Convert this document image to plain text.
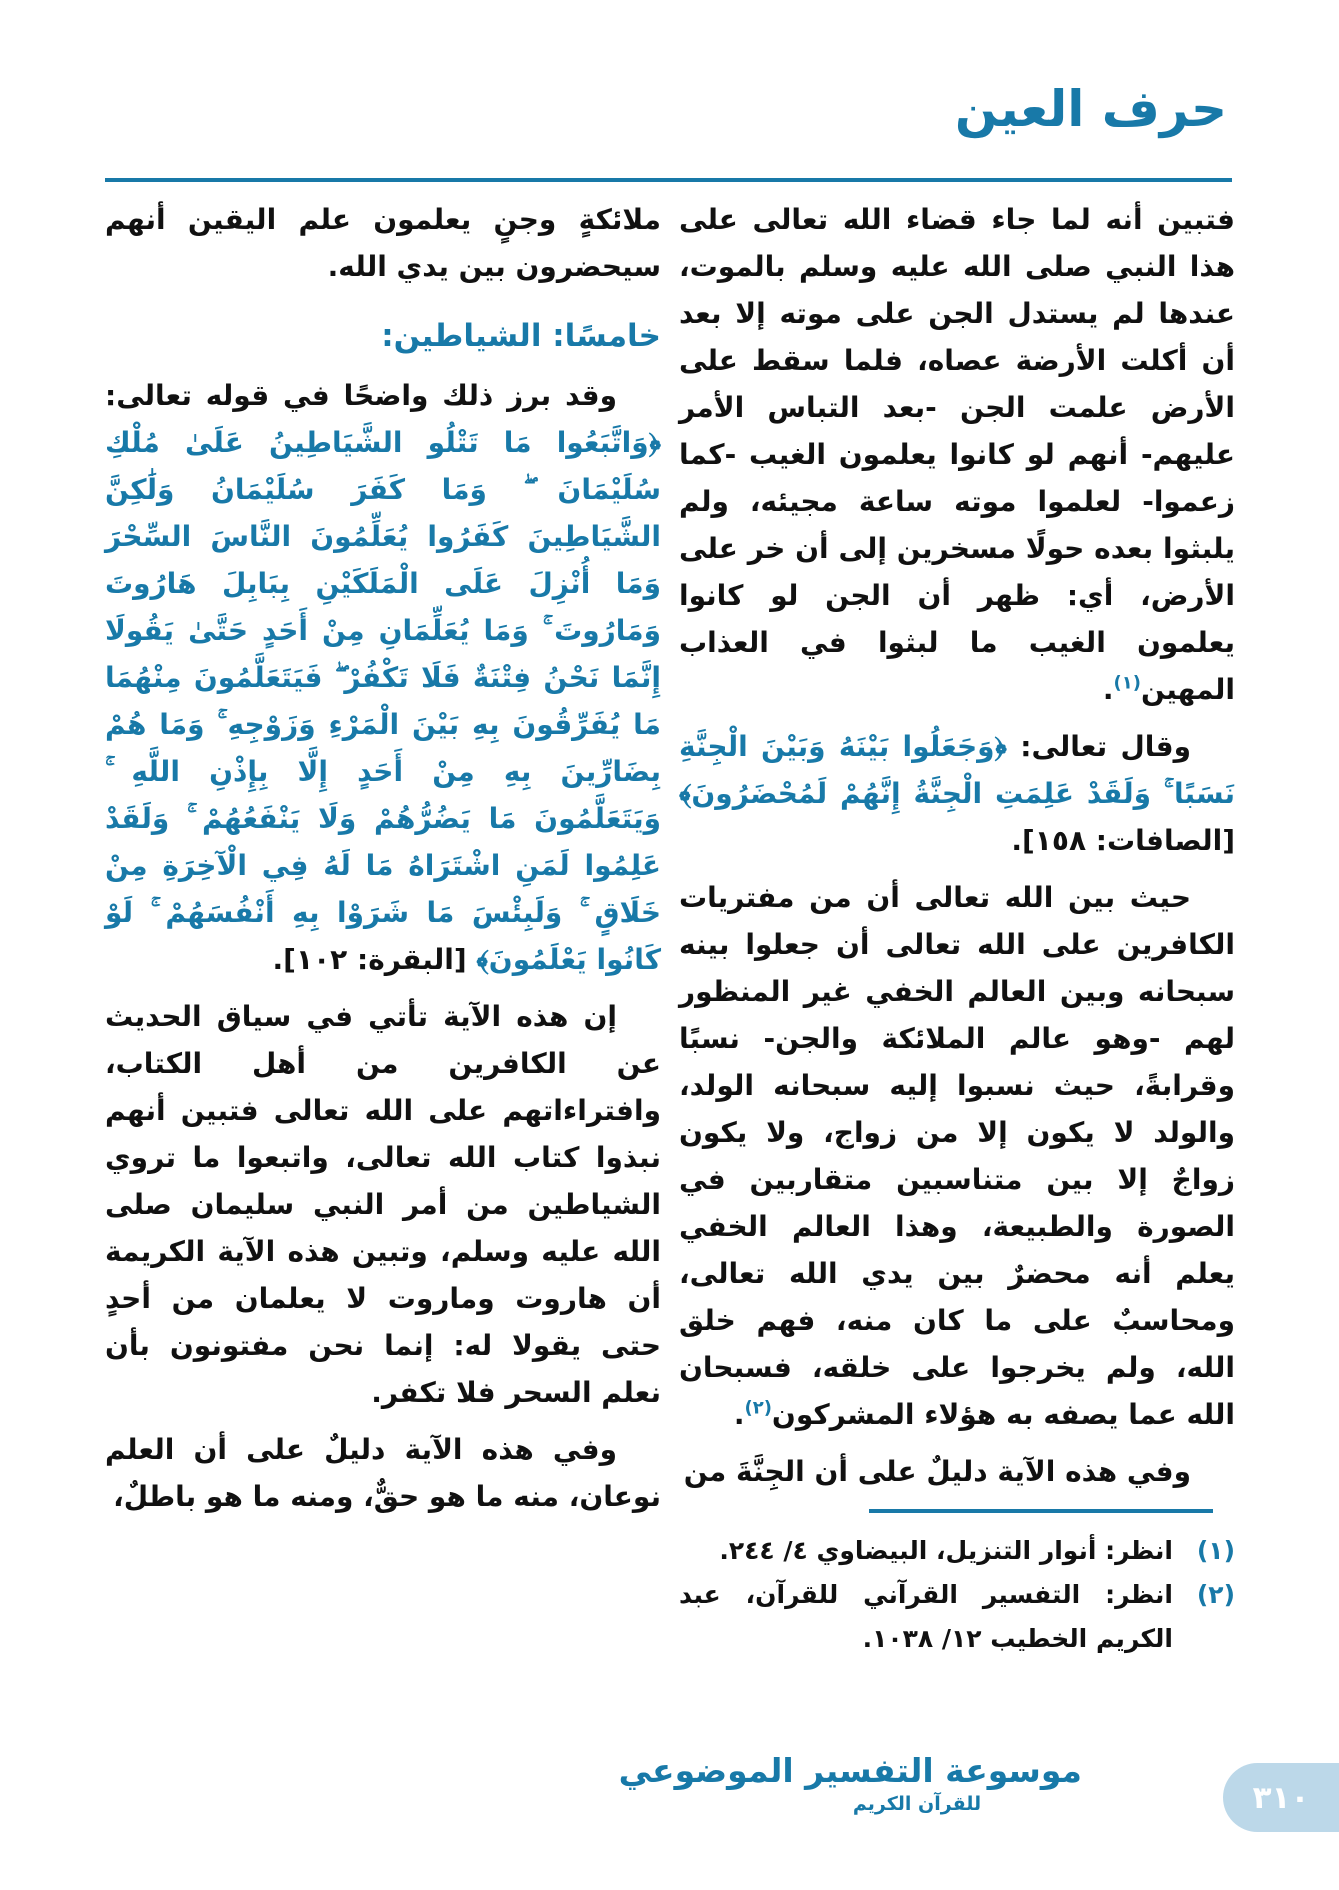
حرف العين

فتبين أنه لما جاء قضاء الله تعالى على هذا النبي صلى الله عليه وسلم بالموت، عندها لم يستدل الجن على موته إلا بعد أن أكلت الأرضة عصاه، فلما سقط على الأرض علمت الجن -بعد التباس الأمر عليهم- أنهم لو كانوا يعلمون الغيب -كما زعموا- لعلموا موته ساعة مجيئه، ولم يلبثوا بعده حولًا مسخرين إلى أن خر على الأرض، أي: ظهر أن الجن لو كانوا يعلمون الغيب ما لبثوا في العذاب المهين$^{(١)}$.

وقال تعالى: ﴿وَجَعَلُوا بَيْنَهُ وَبَيْنَ الْجِنَّةِ نَسَبًا ۚ وَلَقَدْ عَلِمَتِ الْجِنَّةُ إِنَّهُمْ لَمُحْضَرُونَ﴾ [الصافات: ١٥٨].

حيث بين الله تعالى أن من مفتريات الكافرين على الله تعالى أن جعلوا بينه سبحانه وبين العالم الخفي غير المنظور لهم -وهو عالم الملائكة والجن- نسبًا وقرابةً، حيث نسبوا إليه سبحانه الولد، والولد لا يكون إلا من زواج، ولا يكون زواجٌ إلا بين متناسبين متقاربين في الصورة والطبيعة، وهذا العالم الخفي يعلم أنه محضرٌ بين يدي الله تعالى، ومحاسبٌ على ما كان منه، فهم خلق الله، ولم يخرجوا على خلقه، فسبحان الله عما يصفه به هؤلاء المشركون$^{(٢)}$.

وفي هذه الآية دليلٌ على أن الجِنَّةَ من

(١)
انظر: أنوار التنزيل، البيضاوي ٤/ ٢٤٤.
(٢)
انظر: التفسير القرآني للقرآن، عبد الكريم الخطيب ١٢/ ١٠٣٨.

ملائكةٍ وجنٍ يعلمون علم اليقين أنهم سيحضرون بين يدي الله.

خامسًا: الشياطين:

وقد برز ذلك واضحًا في قوله تعالى: ﴿وَاتَّبَعُوا مَا تَتْلُو الشَّيَاطِينُ عَلَىٰ مُلْكِ سُلَيْمَانَ ۖ وَمَا كَفَرَ سُلَيْمَانُ وَلَٰكِنَّ الشَّيَاطِينَ كَفَرُوا يُعَلِّمُونَ النَّاسَ السِّحْرَ وَمَا أُنْزِلَ عَلَى الْمَلَكَيْنِ بِبَابِلَ هَارُوتَ وَمَارُوتَ ۚ وَمَا يُعَلِّمَانِ مِنْ أَحَدٍ حَتَّىٰ يَقُولَا إِنَّمَا نَحْنُ فِتْنَةٌ فَلَا تَكْفُرْ ۖ فَيَتَعَلَّمُونَ مِنْهُمَا مَا يُفَرِّقُونَ بِهِ بَيْنَ الْمَرْءِ وَزَوْجِهِ ۚ وَمَا هُمْ بِضَارِّينَ بِهِ مِنْ أَحَدٍ إِلَّا بِإِذْنِ اللَّهِ ۚ وَيَتَعَلَّمُونَ مَا يَضُرُّهُمْ وَلَا يَنْفَعُهُمْ ۚ وَلَقَدْ عَلِمُوا لَمَنِ اشْتَرَاهُ مَا لَهُ فِي الْآخِرَةِ مِنْ خَلَاقٍ ۚ وَلَبِئْسَ مَا شَرَوْا بِهِ أَنْفُسَهُمْ ۚ لَوْ كَانُوا يَعْلَمُونَ﴾ [البقرة: ١٠٢].

إن هذه الآية تأتي في سياق الحديث عن الكافرين من أهل الكتاب، وافتراءاتهم على الله تعالى فتبين أنهم نبذوا كتاب الله تعالى، واتبعوا ما تروي الشياطين من أمر النبي سليمان صلى الله عليه وسلم، وتبين هذه الآية الكريمة أن هاروت وماروت لا يعلمان من أحدٍ حتى يقولا له: إنما نحن مفتونون بأن نعلم السحر فلا تكفر.

وفي هذه الآية دليلٌ على أن العلم نوعان، منه ما هو حقٌّ، ومنه ما هو باطلٌ،

موسوعة التفسير الموضوعي
للقرآن الكريم	٣١٠
